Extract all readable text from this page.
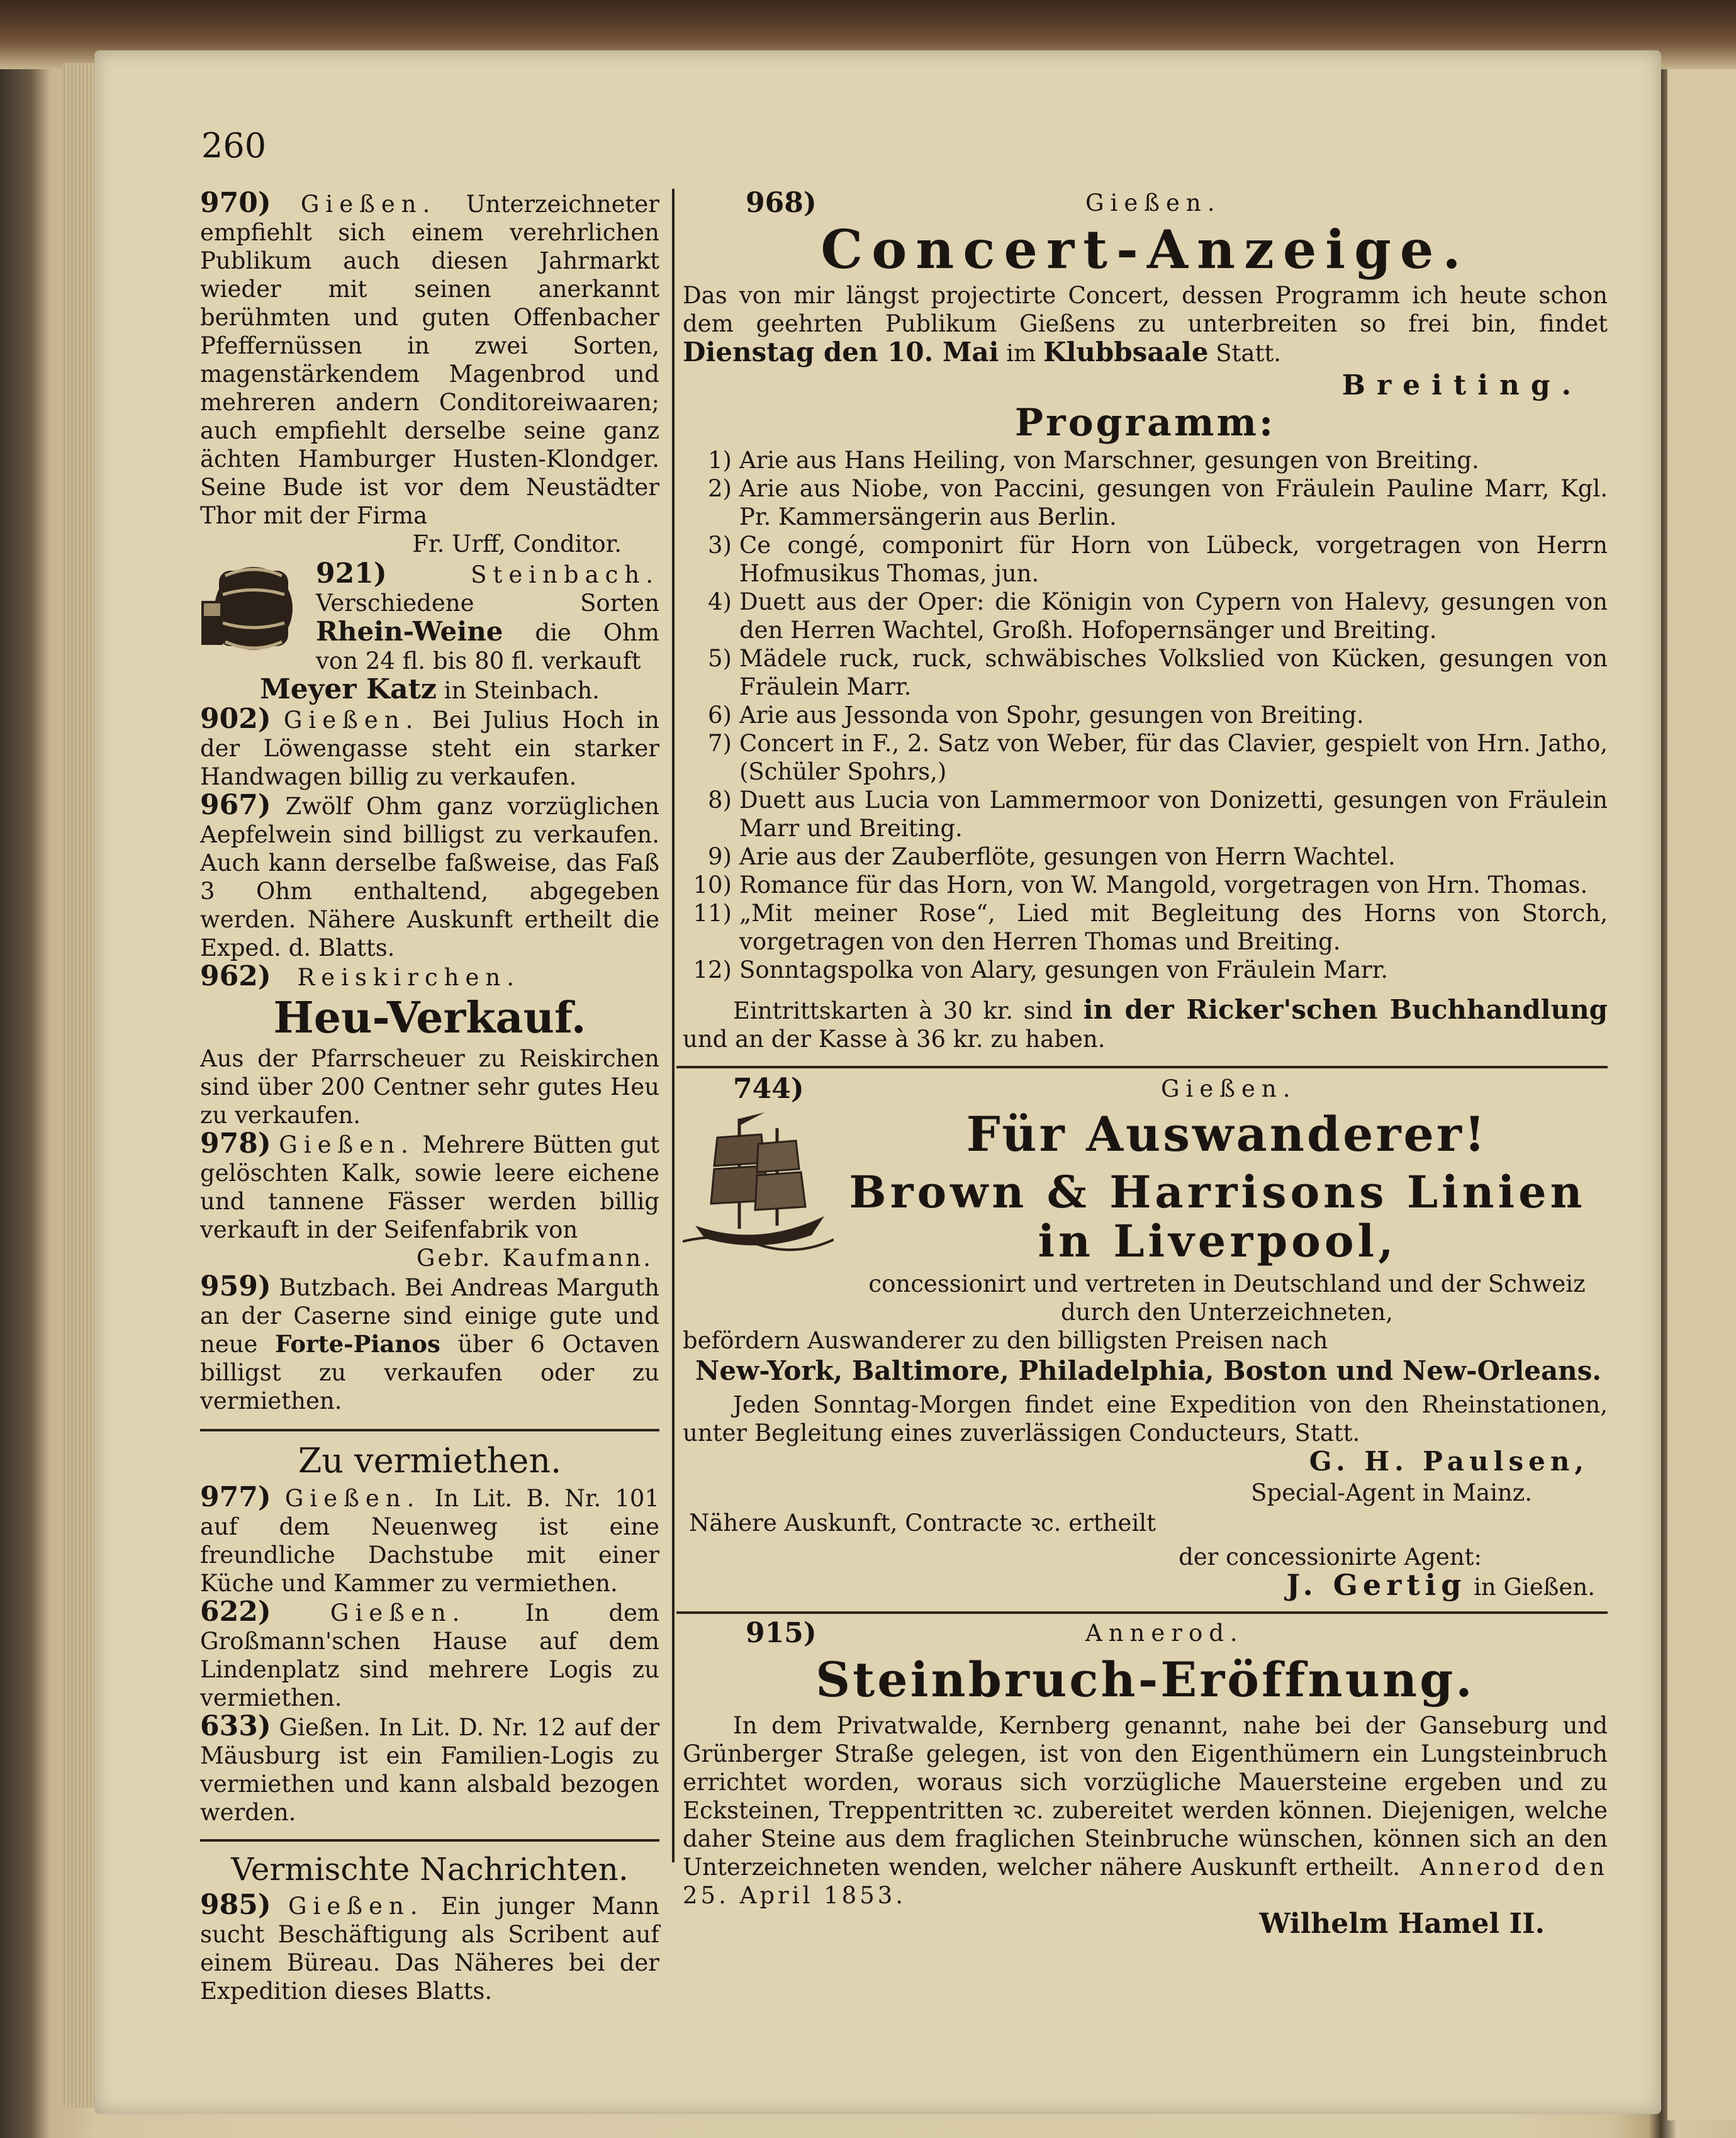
260

970) Gießen. Unterzeichneter empfiehlt sich einem verehrlichen Publikum auch diesen Jahrmarkt wieder mit seinen anerkannt berühmten und guten Offenbacher Pfeffernüssen in zwei Sorten, magenstärkendem Magenbrod und mehreren andern Conditoreiwaaren; auch empfiehlt derselbe seine ganz ächten Hamburger Husten-Klondger. Seine Bude ist vor dem Neustädter Thor mit der Firma

Fr. Urff, Conditor.

921)	Steinbach. Verschiedene Sorten Rhein-Weine die Ohm von 24 fl. bis 80 fl. verkauft

Meyer Katz in Steinbach.

902) Gießen. Bei Julius Hoch in der Löwengasse steht ein starker Handwagen billig zu verkaufen.

967) Zwölf Ohm ganz vorzüglichen Aepfelwein sind billigst zu verkaufen. Auch kann derselbe faßweise, das Faß 3 Ohm enthaltend, abgegeben werden. Nähere Auskunft ertheilt die Exped. d. Blatts.

962) Reiskirchen.

Heu-Verkauf.

Aus der Pfarrscheuer zu Reiskirchen sind über 200 Centner sehr gutes Heu zu verkaufen.

978) Gießen. Mehrere Bütten gut gelöschten Kalk, sowie leere eichene und tannene Fässer werden billig verkauft in der Seifenfabrik von

Gebr. Kaufmann.

959) Butzbach. Bei Andreas Marguth an der Caserne sind einige gute und neue Forte-Pianos über 6 Octaven billigst zu verkaufen oder zu vermiethen.

Zu vermiethen.

977) Gießen. In Lit. B. Nr. 101 auf dem Neuenweg ist eine freundliche Dachstube mit einer Küche und Kammer zu vermiethen.

622)	Gießen.	In dem Großmann'schen Hause auf dem Lindenplatz sind mehrere Logis zu vermiethen.

633) Gießen. In Lit. D. Nr. 12 auf der Mäusburg ist ein Familien-Logis zu vermiethen und kann alsbald bezogen werden.

Vermischte Nachrichten.

985) Gießen. Ein junger Mann sucht Beschäftigung als Scribent auf einem Büreau. Das Näheres bei der Expedition dieses Blatts.

968)	Gießen.

Concert-Anzeige.

Das von mir längst projectirte Concert, dessen Programm ich heute schon dem geehrten Publikum Gießens zu unterbreiten so frei bin, findet Dienstag den 10. Mai im Klubbsaale Statt.

Breiting.

Programm:

1) Arie aus Hans Heiling, von Marschner, gesungen von Breiting.
2) Arie aus Niobe, von Paccini, gesungen von Fräulein Pauline Marr, Kgl. Pr. Kammersängerin aus Berlin.
3) Ce congé, componirt für Horn von Lübeck, vorgetragen von Herrn Hofmusikus Thomas, jun.
4) Duett aus der Oper: die Königin von Cypern von Halevy, gesungen von den Herren Wachtel, Großh. Hofopernsänger und Breiting.
5) Mädele ruck, ruck, schwäbisches Volkslied von Kücken, gesungen von Fräulein Marr.
6) Arie aus Jessonda von Spohr, gesungen von Breiting.
7) Concert in F., 2. Satz von Weber, für das Clavier, gespielt von Hrn. Jatho, (Schüler Spohrs,)
8) Duett aus Lucia von Lammermoor von Donizetti, gesungen von Fräulein Marr und Breiting.
9) Arie aus der Zauberflöte, gesungen von Herrn Wachtel.
10) Romance für das Horn, von W. Mangold, vorgetragen von Hrn. Thomas.
11) „Mit meiner Rose“, Lied mit Begleitung des Horns von Storch, vorgetragen von den Herren Thomas und Breiting.
12) Sonntagspolka von Alary, gesungen von Fräulein Marr.

Eintrittskarten à 30 kr. sind in der Ricker'schen Buchhandlung und an der Kasse à 36 kr. zu haben.

744)	Gießen.

Für Auswanderer!

Brown & Harrisons Linien

in Liverpool,

concessionirt und vertreten in Deutschland und der Schweiz durch den Unterzeichneten,

befördern Auswanderer zu den billigsten Preisen nach

New-York, Baltimore, Philadelphia, Boston und New-Orleans.

Jeden Sonntag-Morgen findet eine Expedition von den Rheinstationen, unter Begleitung eines zuverlässigen Conducteurs, Statt.

G. H. Paulsen,

Special-Agent in Mainz.

Nähere Auskunft, Contracte ꝛc. ertheilt

der concessionirte Agent:

J. Gertig in Gießen.

915)	Annerod.

Steinbruch-Eröffnung.

In dem Privatwalde, Kernberg genannt, nahe bei der Ganseburg und Grünberger Straße gelegen, ist von den Eigenthümern ein Lungsteinbruch errichtet worden, woraus sich vorzügliche Mauersteine ergeben und zu Ecksteinen, Treppentritten ꝛc. zubereitet werden können. Diejenigen, welche daher Steine aus dem fraglichen Steinbruche wünschen, können sich an den Unterzeichneten wenden, welcher nähere Auskunft ertheilt. Annerod den 25. April 1853.

Wilhelm Hamel II.
